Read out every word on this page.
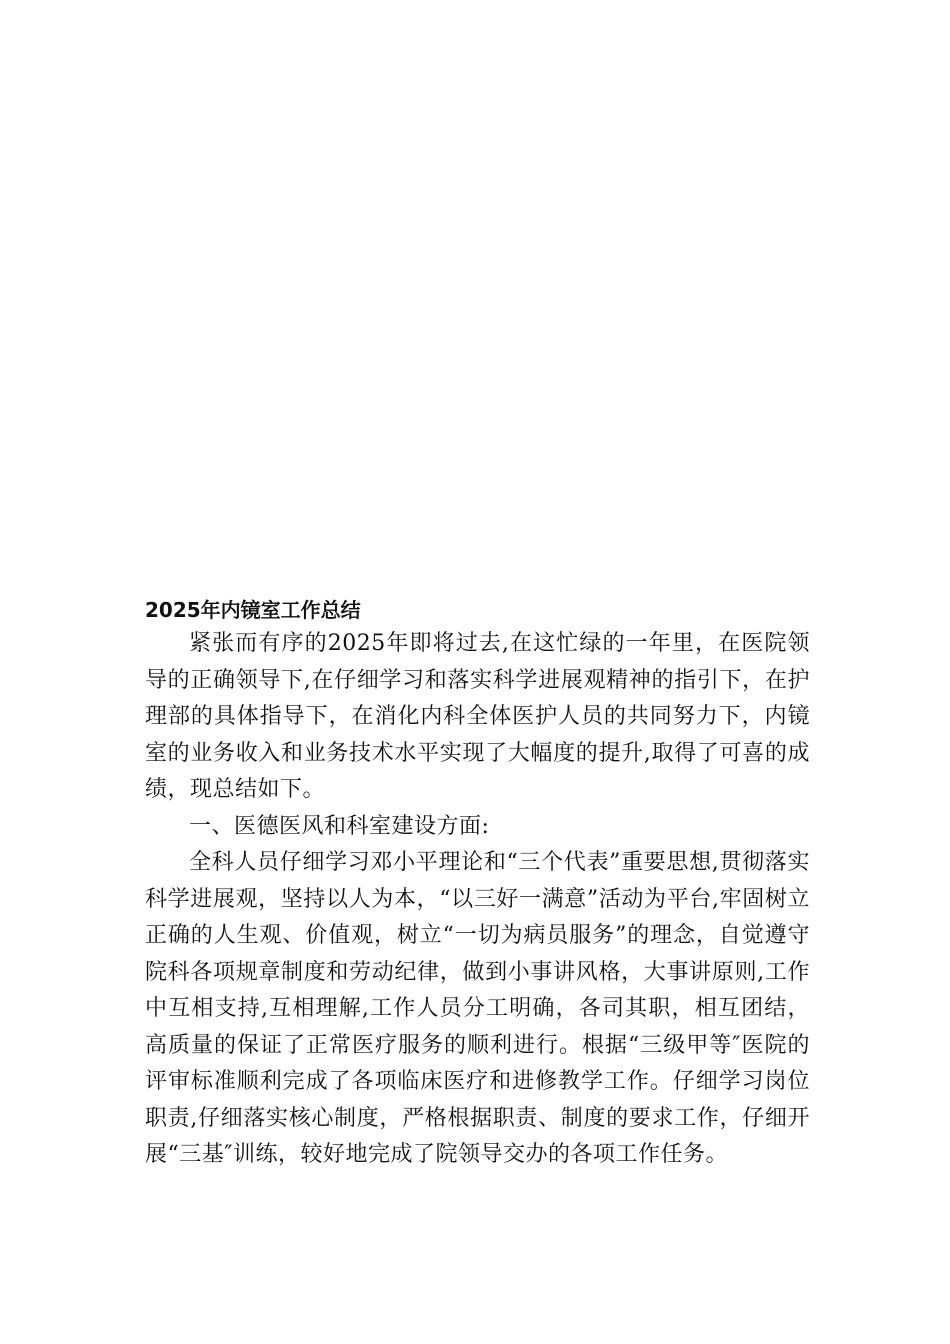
2025年内镜室工作总结

紧张而有序的2025年即将过去,在这忙绿的一年里，在医院领导的正确领导下,在仔细学习和落实科学进展观精神的指引下，在护理部的具体指导下，在消化内科全体医护人员的共同努力下，内镜室的业务收入和业务技术水平实现了大幅度的提升,取得了可喜的成绩，现总结如下。

一、医德医风和科室建设方面:

全科人员仔细学习邓小平理论和“三个代表”重要思想,贯彻落实科学进展观，坚持以人为本，“以三好一满意”活动为平台,牢固树立正确的人生观、价值观，树立“一切为病员服务”的理念，自觉遵守院科各项规章制度和劳动纪律，做到小事讲风格，大事讲原则,工作中互相支持,互相理解,工作人员分工明确，各司其职，相互团结，高质量的保证了正常医疗服务的顺利进行。根据“三级甲等″医院的评审标准顺利完成了各项临床医疗和进修教学工作。仔细学习岗位职责,仔细落实核心制度，严格根据职责、制度的要求工作，仔细开展“三基″训练，较好地完成了院领导交办的各项工作任务。
